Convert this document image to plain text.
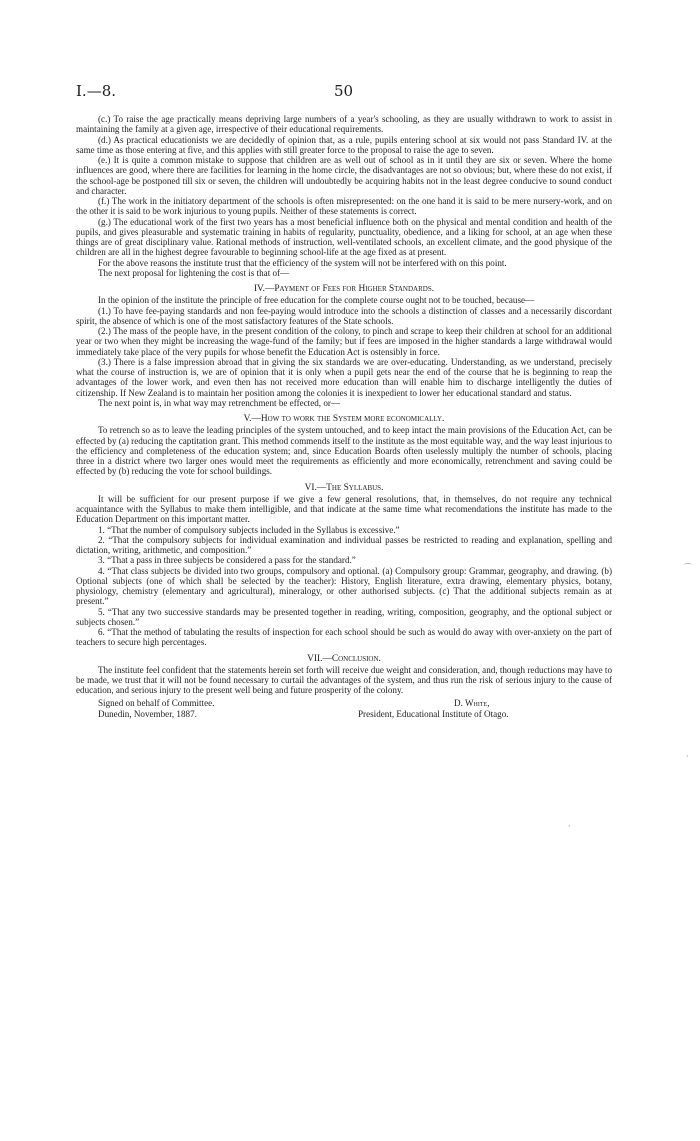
I.—8.	50

(c.) To raise the age practically means depriving large numbers of a year's schooling, as they are usually withdrawn to work to assist in maintaining the family at a given age, irrespective of their educational requirements.

(d.) As practical educationists we are decidedly of opinion that, as a rule, pupils entering school at six would not pass Standard IV. at the same time as those entering at five, and this applies with still greater force to the proposal to raise the age to seven.

(e.) It is quite a common mistake to suppose that children are as well out of school as in it until they are six or seven. Where the home influences are good, where there are facilities for learning in the home circle, the disadvantages are not so obvious; but, where these do not exist, if the school-age be postponed till six or seven, the children will undoubtedly be acquiring habits not in the least degree conducive to sound conduct and character.

(f.) The work in the initiatory department of the schools is often misrepresented: on the one hand it is said to be mere nursery-work, and on the other it is said to be work injurious to young pupils. Neither of these statements is correct.

(g.) The educational work of the first two years has a most beneficial influence both on the physical and mental condition and health of the pupils, and gives pleasurable and systematic training in habits of regularity, punctuality, obedience, and a liking for school, at an age when these things are of great disciplinary value. Rational methods of instruction, well-ventilated schools, an excellent climate, and the good physique of the children are all in the highest degree favourable to beginning school-life at the age fixed as at present.

For the above reasons the institute trust that the efficiency of the system will not be interfered with on this point.

The next proposal for lightening the cost is that of—

IV.—Payment of Fees for Higher Standards.

In the opinion of the institute the principle of free education for the complete course ought not to be touched, because—

(1.) To have fee-paying standards and non fee-paying would introduce into the schools a distinction of classes and a necessarily discordant spirit, the absence of which is one of the most satisfactory features of the State schools.

(2.) The mass of the people have, in the present condition of the colony, to pinch and scrape to keep their children at school for an additional year or two when they might be increasing the wage-fund of the family; but if fees are imposed in the higher standards a large withdrawal would immediately take place of the very pupils for whose benefit the Education Act is ostensibly in force.

(3.) There is a false impression abroad that in giving the six standards we are over-educating. Understanding, as we understand, precisely what the course of instruction is, we are of opinion that it is only when a pupil gets near the end of the course that he is beginning to reap the advantages of the lower work, and even then has not received more education than will enable him to discharge intelligently the duties of citizenship. If New Zealand is to maintain her position among the colonies it is inexpedient to lower her educational standard and status.

The next point is, in what way may retrenchment be effected, or—

V.—How to work the System more economically.

To retrench so as to leave the leading principles of the system untouched, and to keep intact the main provisions of the Education Act, can be effected by (a) reducing the captitation grant. This method commends itself to the institute as the most equitable way, and the way least injurious to the efficiency and completeness of the education system; and, since Education Boards often uselessly multiply the number of schools, placing three in a district where two larger ones would meet the requirements as efficiently and more economically, retrenchment and saving could be effected by (b) reducing the vote for school buildings.

VI.—The Syllabus.

It will be sufficient for our present purpose if we give a few general resolutions, that, in themselves, do not require any technical acquaintance with the Syllabus to make them intelligible, and that indicate at the same time what recomendations the institute has made to the Education Department on this important matter.

1. “That the number of compulsory subjects included in the Syllabus is excessive.”

2. “That the compulsory subjects for individual examination and individual passes be restricted to reading and explanation, spelling and dictation, writing, arithmetic, and composition.”

3. “That a pass in three subjects be considered a pass for the standard.”

4. “That class subjects be divided into two groups, compulsory and optional. (a) Compulsory group: Grammar, geography, and drawing. (b) Optional subjects (one of which shall be selected by the teacher): History, English literature, extra drawing, elementary physics, botany, physiology, chemistry (elementary and agricultural), mineralogy, or other authorised subjects. (c) That the additional subjects remain as at present.”

5. “That any two successive standards may be presented together in reading, writing, composition, geography, and the optional subject or subjects chosen.”

6. “That the method of tabulating the results of inspection for each school should be such as would do away with over-anxiety on the part of teachers to secure high percentages.

VII.—Conclusion.

The institute feel confident that the statements herein set forth will receive due weight and consideration, and, though reductions may have to be made, we trust that it will not be found necessary to curtail the advantages of the system, and thus run the risk of serious injury to the cause of education, and serious injury to the present well being and future prosperity of the colony.

Signed on behalf of Committee.	D. White,
Dunedin, November, 1887.	President, Educational Institute of Otago.
⌒
·
·
